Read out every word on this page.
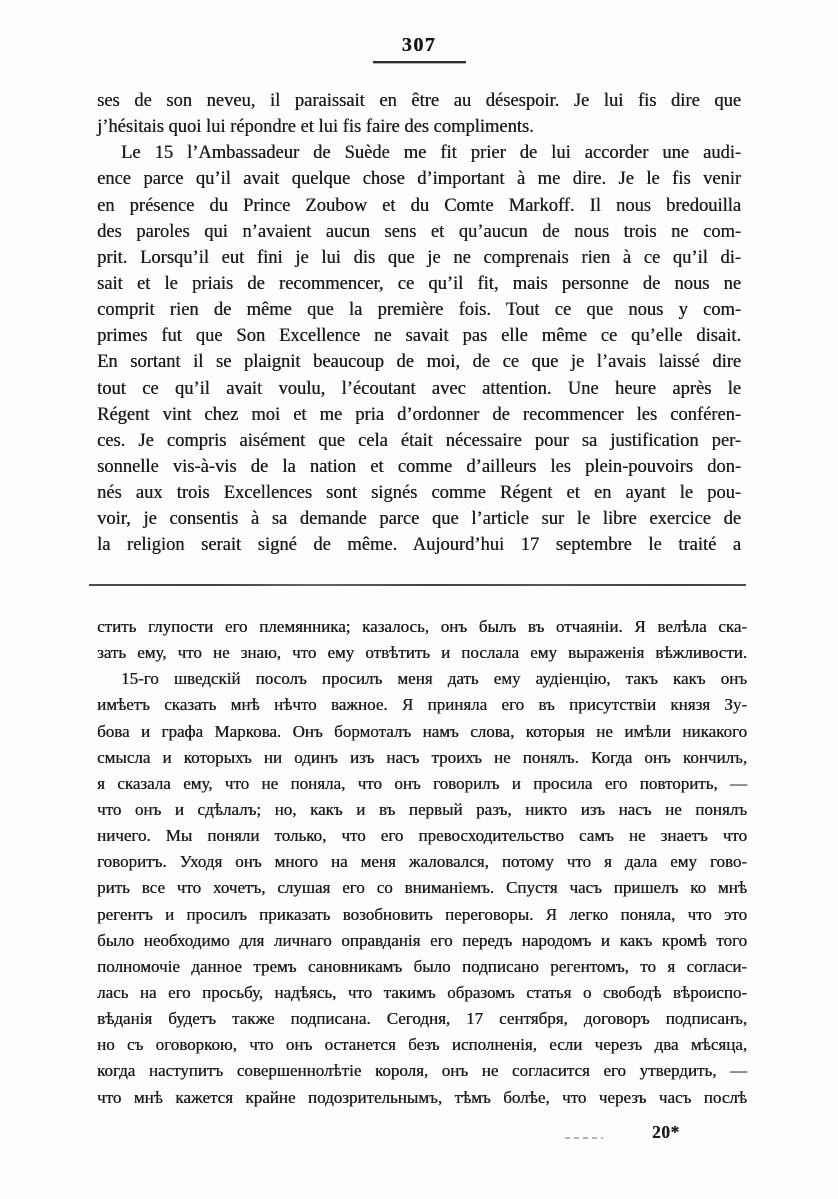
307
ses de son neveu, il paraissait en être au désespoir. Je lui fis dire que
j’hésitais quoi lui répondre et lui fis faire des compliments.
Le 15 l’Ambassadeur de Suède me fit prier de lui accorder une audi-
ence parce qu’il avait quelque chose d’important à me dire. Je le fis venir
en présence du Prince Zoubow et du Comte Markoff. Il nous bredouilla
des paroles qui n’avaient aucun sens et qu’aucun de nous trois ne com-
prit. Lorsqu’il eut fini je lui dis que je ne comprenais rien à ce qu’il di-
sait et le priais de recommencer, ce qu’il fit, mais personne de nous ne
comprit rien de même que la première fois. Tout ce que nous y com-
primes fut que Son Excellence ne savait pas elle même ce qu’elle disait.
En sortant il se plaignit beaucoup de moi, de ce que je l’avais laissé dire
tout ce qu’il avait voulu, l’écoutant avec attention. Une heure après le
Régent vint chez moi et me pria d’ordonner de recommencer les conféren-
ces. Je compris aisément que cela était nécessaire pour sa justification per-
sonnelle vis-à-vis de la nation et comme d’ailleurs les plein-pouvoirs don-
nés aux trois Excellences sont signés comme Régent et en ayant le pou-
voir, je consentis à sa demande parce que l’article sur le libre exercice de
la religion serait signé de même. Aujourd’hui 17 septembre le traité a
стить глупости его племянника; казалось, онъ былъ въ отчаяніи. Я велѣла ска-
зать ему, что не знаю, что ему отвѣтить и послала ему выраженія вѣжливости.
15-го шведскій посолъ просилъ меня дать ему аудіенцію, такъ какъ онъ
имѣетъ сказать мнѣ нѣчто важное. Я приняла его въ присутствіи князя Зу-
бова и графа Маркова. Онъ бормоталъ намъ слова, которыя не имѣли никакого
смысла и которыхъ ни одинъ изъ насъ троихъ не понялъ. Когда онъ кончилъ,
я сказала ему, что не поняла, что онъ говорилъ и просила его повторить, —
что онъ и сдѣлалъ; но, какъ и въ первый разъ, никто изъ насъ не понялъ
ничего. Мы поняли только, что его превосходительство самъ не знаетъ что
говоритъ. Уходя онъ много на меня жаловался, потому что я дала ему гово-
рить все что хочетъ, слушая его со вниманіемъ. Спустя часъ пришелъ ко мнѣ
регентъ и просилъ приказать возобновить переговоры. Я легко поняла, что это
было необходимо для личнаго оправданія его передъ народомъ и какъ кромѣ того
полномочіе данное тремъ сановникамъ было подписано регентомъ, то я согласи-
лась на его просьбу, надѣясь, что такимъ образомъ статья о свободѣ вѣроиспо-
вѣданія будетъ также подписана. Сегодня, 17 сентября, договоръ подписанъ,
но съ оговоркою, что онъ останется безъ исполненія, если черезъ два мѣсяца,
когда наступитъ совершеннолѣтіе короля, онъ не согласится его утвердить, —
что мнѣ кажется крайне подозрительнымъ, тѣмъ болѣе, что черезъ часъ послѣ
20*
